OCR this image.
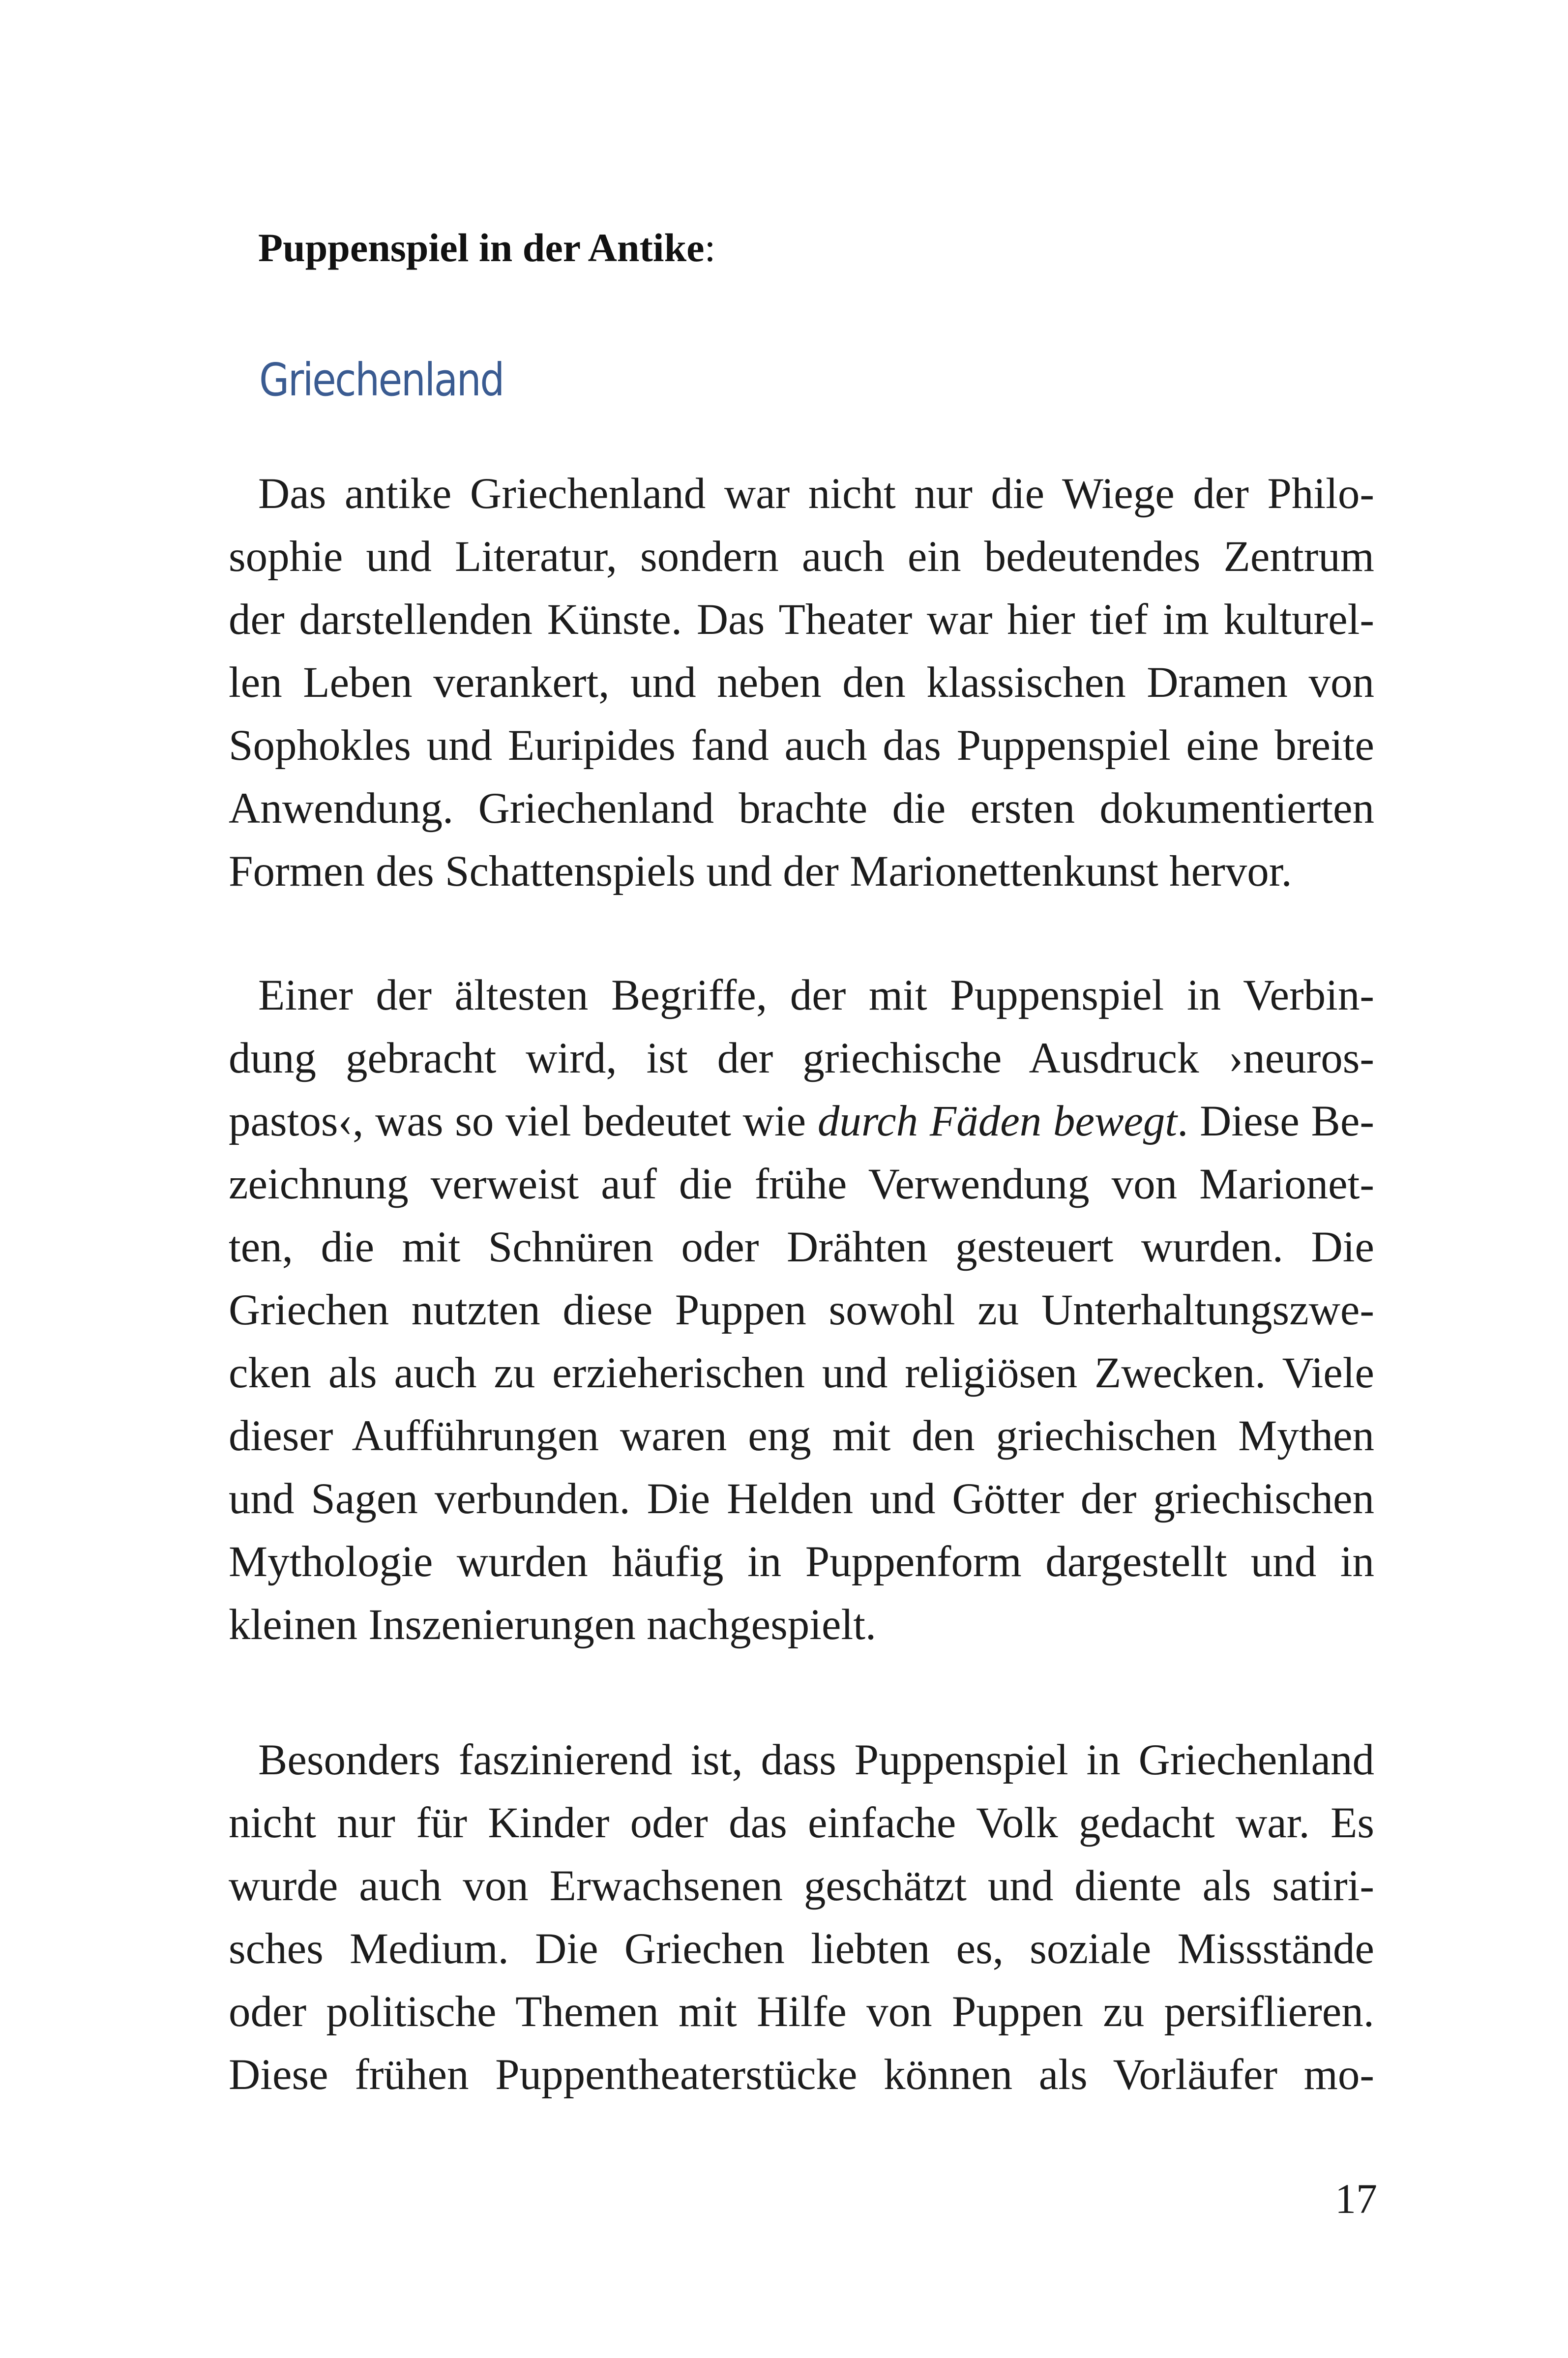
Puppenspiel in der Antike:
Griechenland
Das antike Griechenland war nicht nur die Wiege der Philo-
sophie und Literatur, sondern auch ein bedeutendes Zentrum
der darstellenden Künste. Das Theater war hier tief im kulturel-
len Leben verankert, und neben den klassischen Dramen von
Sophokles und Euripides fand auch das Puppenspiel eine breite
Anwendung. Griechenland brachte die ersten dokumentierten
Formen des Schattenspiels und der Marionettenkunst hervor.
Einer der ältesten Begriffe, der mit Puppenspiel in Verbin-
dung gebracht wird, ist der griechische Ausdruck ›neuros-
pastos‹, was so viel bedeutet wie durch Fäden bewegt. Diese Be-
zeichnung verweist auf die frühe Verwendung von Marionet-
ten, die mit Schnüren oder Drähten gesteuert wurden. Die
Griechen nutzten diese Puppen sowohl zu Unterhaltungszwe-
cken als auch zu erzieherischen und religiösen Zwecken. Viele
dieser Aufführungen waren eng mit den griechischen Mythen
und Sagen verbunden. Die Helden und Götter der griechischen
Mythologie wurden häufig in Puppenform dargestellt und in
kleinen Inszenierungen nachgespielt.
Besonders faszinierend ist, dass Puppenspiel in Griechenland
nicht nur für Kinder oder das einfache Volk gedacht war. Es
wurde auch von Erwachsenen geschätzt und diente als satiri-
sches Medium. Die Griechen liebten es, soziale Missstände
oder politische Themen mit Hilfe von Puppen zu persiflieren.
Diese frühen Puppentheaterstücke können als Vorläufer mo-
17
